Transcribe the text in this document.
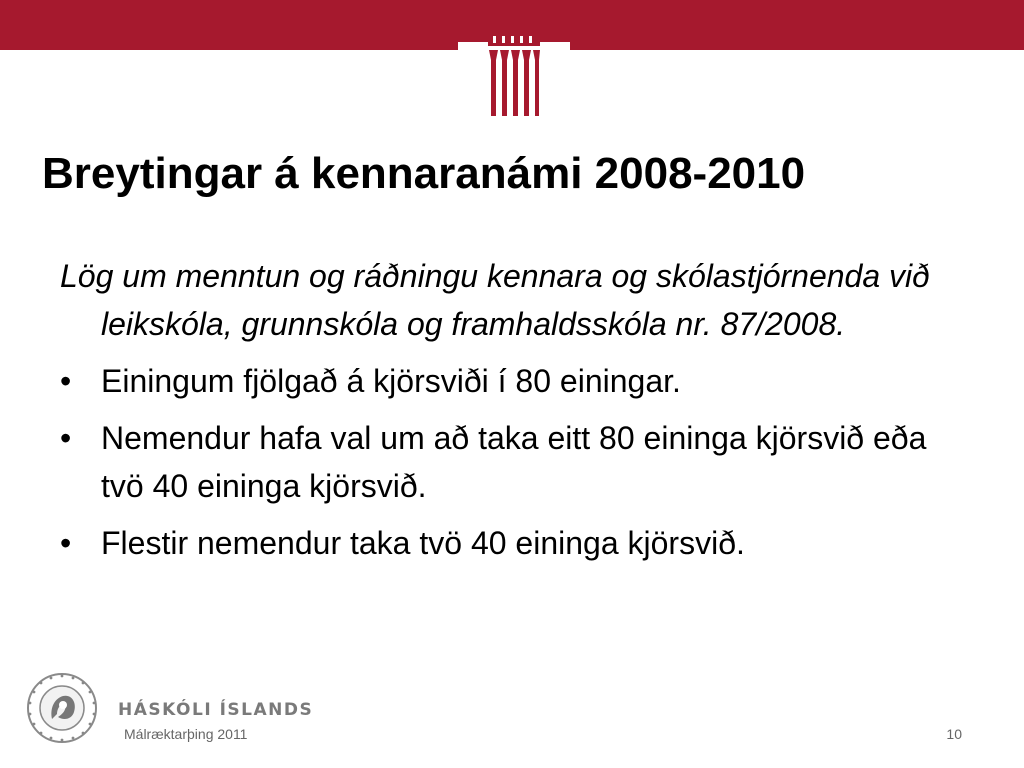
Breytingar á kennaranámi 2008-2010
Lög um menntun og ráðningu kennara og skólastjórnenda við leikskóla, grunnskóla og framhaldsskóla nr. 87/2008.
• Einingum fjölgað á kjörsviði í 80 einingar.
• Nemendur hafa val um að taka eitt 80 eininga kjörsvið eða tvö 40 eininga kjörsvið.
• Flestir nemendur taka tvö 40 eininga kjörsvið.
HÁSKÓLI ÍSLANDS
Málræktarþing 2011	10
